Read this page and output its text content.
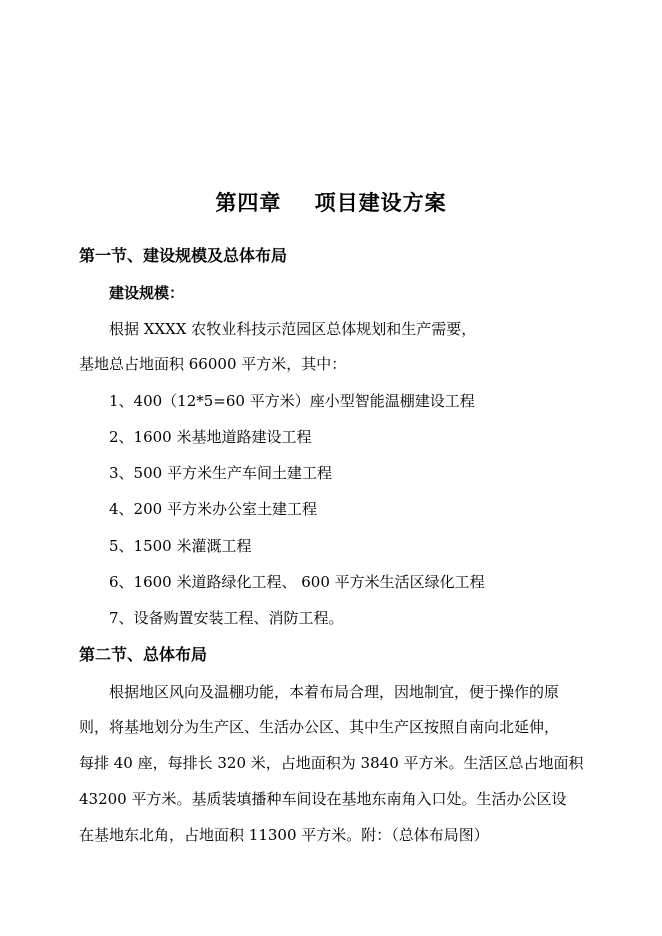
第四章    项目建设方案
第一节、建设规模及总体布局
建设规模：
根据 XXXX 农牧业科技示范园区总体规划和生产需要，
基地总占地面积 66000 平方米，其中：
1、400（12*5=60 平方米）座小型智能温棚建设工程
2、1600 米基地道路建设工程
3、500 平方米生产车间土建工程
4、200 平方米办公室土建工程
5、1500 米灌溉工程
6、1600 米道路绿化工程、 600 平方米生活区绿化工程
7、设备购置安装工程、消防工程。
第二节、总体布局
根据地区风向及温棚功能，本着布局合理，因地制宜，便于操作的原
则，将基地划分为生产区、生活办公区、其中生产区按照自南向北延伸，
每排 40 座，每排长 320 米，占地面积为 3840 平方米。生活区总占地面积
43200 平方米。基质装填播种车间设在基地东南角入口处。生活办公区设
在基地东北角，占地面积 11300 平方米。附：（总体布局图）
